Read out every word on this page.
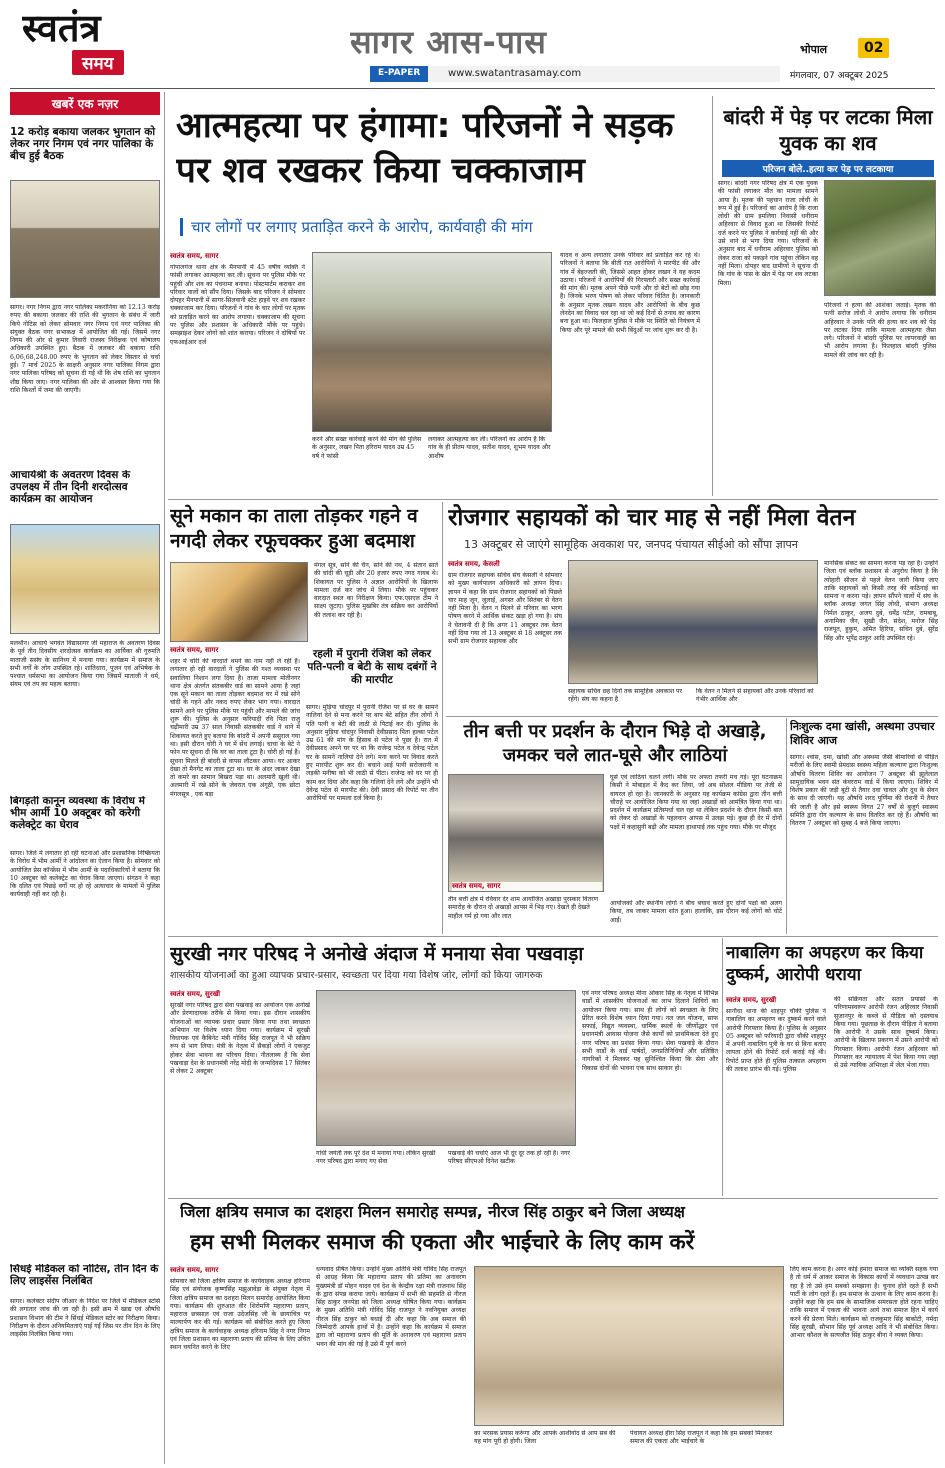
स्वतंत्र
समय
सागर आस-पास
E-PAPER	www.swatantrasamay.com
भोपाल	02
मंगलवार, 07 अक्टूबर 2025
खबरें एक नज़र
12 करोड़ बकाया जलकर भुगतान को लेकर नगर निगम एवं नगर पालिका के बीच हुई बैठक
सागर। नगर निगम द्वारा नगर पालिका मकरोनिया को 12.13 करोड़ रुपए की बकाया जलकर की राशि की भुगतान के संबंध में जारी किये नोटिस को लेकर सोमवार नगर निगम एवं नगर पालिका की संयुक्त बैठक नगर सभाकक्ष में आयोजित की गई। जिसमें नगर निगम की ओर से कुमार तिवारी राजस्व निरीक्षक एवं कोषालय अधिकारी उपस्थित हुए। बैठक में जलकर की बकाया राशि 6,06,68,248.00 रुपए के भुगतान को लेकर विस्तार से चर्चा हुई। 7 मार्च 2025 के साक्षरी अनुसार नगर पालिका निगम द्वारा नगर पालिका परिषद को सूचना दी गई थी कि शेष राशि का भुगतान शीघ्र किया जाए। नगर पालिका की ओर से आश्वस्त किया गया कि राशि किश्तों में जमा की जाएगी।
आचार्यश्री के अवतरण दिवस के उपलक्ष्य में तीन दिनी शरदोत्सव कार्यक्रम का आयोजन
मलथौन। आचार्य भगवंत विद्यासागर जी महाराज के अवतरण दिवस के पूर्व तीन दिवसीय शरदोत्सव कार्यक्रम का आर्यिका श्री गुरुमति माताजी ससंघ के सानिध्य में मनाया गया। कार्यक्रम में समाज के सभी वर्गों के लोग उपस्थित रहे। शांतिधारा, पूजन एवं अभिषेक के पश्चात धर्मसभा का आयोजन किया गया जिसमें माताजी ने धर्म, संयम एवं तप का महत्व बताया।
बिगड़ती कानून व्यवस्था के विरोध में भीम आर्मी 10 अक्टूबर को करेगी कलेक्ट्रेट का घेराव
सागर। जिले में लगातार हो रही घटनाओं और प्रशासनिक निष्क्रियता के विरोध में भीम आर्मी ने आंदोलन का ऐलान किया है। सोमवार को आयोजित प्रेस कॉन्फ्रेंस में भीम आर्मी के पदाधिकारियों ने बताया कि 10 अक्टूबर को कलेक्ट्रेट का घेराव किया जाएगा। संगठन ने कहा कि दलित एवं पिछड़े वर्गों पर हो रहे अत्याचार के मामलों में पुलिस कार्यवाही नहीं कर रही है।
सिंधई मेडिकल को नोटिस, तीन दिन के लिए लाइसेंस निलंबित
सागर। कलेक्टर संदीप जीआर के निर्देश पर जिले में मेडिकल स्टोर्स की लगातार जांच की जा रही है। इसी क्रम में खाद्य एवं औषधि प्रशासन विभाग की टीम ने सिंधई मेडिकल स्टोर का निरीक्षण किया। निरीक्षण के दौरान अनियमितताएं पाई गईं जिस पर तीन दिन के लिए लाइसेंस निलंबित किया गया।
आत्महत्या पर हंगामा: परिजनों ने सड़क पर शव रखकर किया चक्काजाम
चार लोगों पर लगाए प्रताड़ित करने के आरोप, कार्यवाही की मांग
स्वतंत्र समय, सागर
गोपालगंज थाना क्षेत्र के मैनपानी में 45 वर्षीय व्यक्ति ने फांसी लगाकर आत्महत्या कर ली। सूचना पर पुलिस मौके पर पहुंची और शव का पंचनामा बनाया। पोस्टमार्टम कराकर शव परिवार वालों को सौंप दिया। जिसके बाद परिजन ने सोमवार दोपहर मैनपानी में सागर-सिलवानी स्टेट हाइवे पर शव रखकर चक्काजाम कर दिया। परिजनों ने गांव के चार लोगों पर मृतक को प्रताड़ित करने का आरोप लगाया। चक्काजाम की सूचना पर पुलिस और प्रशासन के अधिकारी मौके पर पहुंचे। समझाइश देकर लोगों को शांत कराया। परिजन ने दोषियों पर एफआईआर दर्ज
करने और सख्त कार्रवाई करने की मांग की पुलिस के अनुसार, लखन पिता हरिराम यादव उम्र 45 वर्ष ने फांसी
लगाकर आत्महत्या कर ली। परिजनों का आरोप है कि गांव के ही प्रीतम यादव, सतीश यादव, शुभम यादव और आशीष
यादव व अन्य लगातार उनके परिवार को प्रताड़ित कर रहे थे। परिजनों ने बताया कि बीती रात आरोपियों ने मारपीट की और गांव में बेइज्जती की, जिससे आहत होकर लखन ने यह कदम उठाया। परिजनों ने आरोपियों की गिरफ्तारी और सख्त कार्रवाई की मांग की। मृतक अपने पीछे पत्नी और दो बेटों को छोड़ गया है। जिनके भरण पोषण को लेकर परिवार चिंतित है। जानकारी के अनुसार मृतक लखन यादव और आरोपियों के बीच कुछ लेनदेन का विवाद चल रहा था जो कई दिनों से तनाव का कारण बना हुआ था। फिलहाल पुलिस ने मौके पर स्थिति को नियंत्रण में किया और पूरे मामले की सभी बिंदुओं पर जांच शुरू कर दी है।
बांदरी में पेड़ पर लटका मिला युवक का शव
परिजन बोले..हत्या कर पेड़ पर लटकाया
सागर। बांदरी नगर परिषद क्षेत्र में एक युवक की फांसी लगाकर मौत का मामला सामने आया है। मृतक की पहचान राजा लोधी के रूप में हुई है। परिजनों का आरोप है कि राजा लोधी की ग्राम इमलिया निवासी धनीराम अहिरवार से विवाद हुआ था जिसकी रिपोर्ट दर्ज करने पर पुलिस ने कार्रवाई नहीं की और उसे थाने से भगा दिया गया। परिजनों के अनुसार बाद में धनीराम अहिरवार पुलिस को लेकर राजा को पकड़ने गांव पहुंचा लेकिन वह नहीं मिला। दोपहर बाद ग्रामीणों ने सूचना दी कि गांव के पास के खेत में पेड़ पर शव लटका मिला।
परिजनों ने हत्या की आशंका जताई। मृतक की पत्नी सरोज लोधी ने आरोप लगाया कि धनीराम अहिरवार ने उनके पति की हत्या कर शव को पेड़ पर लटका दिया ताकि मामला आत्महत्या जैसा लगे। परिजनों ने बांदरी पुलिस पर लापरवाही का भी आरोप लगाया है। फिलहाल बांदरी पुलिस मामले की जांच कर रही है।
सूने मकान का ताला तोड़कर गहने व नगदी लेकर रफूचक्कर हुआ बदमाश
मंगल सूत्र, सोने की चैन, सोने की नथ, 4 संतान सातें की चांदी की चूड़ी और 20 हजार रुपए नगद गायब थे। शिकायत पर पुलिस ने अज्ञात आरोपियों के खिलाफ मामला दर्ज कर जांच में लिया। मौके पर पहुंचकर वारदात स्थल का निरीक्षण किया। एफ.एसएल टीम ने साक्ष्य जुटाए। पुलिस मुखबिर तंत्र सक्रिय कर आरोपियों की तलाश कर रही है।
स्वतंत्र समय, सागर
शहर में चोरी की वारदातें थमने का नाम नहीं ले रहीं हैं। लगातार हो रही वारदातों ने पुलिस की गश्त व्यवस्था पर सवालिया निशान लगा दिया है। ताजा मामला मोतीनगर थाना क्षेत्र अंतर्गत संतकबीर वार्ड का सामने आया है जहां एक सूने मकान का ताला तोड़कर बदमाश घर में रखे सोने चांदी के गहने और नकद रुपए लेकर भाग गया। वारदात सामने आने पर पुलिस मौके पर पहुंची और मामले की जांच शुरू की। पुलिस के अनुसार फरियादी रवि पिता राजु चढ़ीमारी उम्र 37 साल निवासी संतकबीर वार्ड ने थाने में शिकायत करते हुए बताया कि बांदरी में अपनी ससुराल गया था। इसी दौरान चोरी ने घर में सेंध लगाई। चाचा के बेटे ने फोन पर सूचना दी कि घर का ताला टूटा है। चोरी हो गई है। सूचना मिलते ही बांदरी से वापस लौटकर आया। घर आकर देखा तो मैनगेट का ताला टूटा था। घर के अंदर जाकर देखा तो कमरे का सामान बिखरा पड़ा था। अलमारी खुली थी। अलमारी में रखे सोने के जेवरात एक अंगूठी, एक छोटा मंगलसूत्र , एक बड़ा
रहली में पुरानी रंजिश को लेकर पति-पत्नी व बेटी के साथ दबंगों ने की मारपीट
सागर। मुड़िया चांदपुर में पुरानी रंजिश पर से घर के सामने नालियां देने से मना करने पर बाप बेटे सहित तीन लोगों ने पति पत्नी व बेटी की लाठी से पिटाई कर दी। पुलिस के अनुसार मुड़िया चांदपुर निवासी देवीप्रसाद पिता हल्का पटेल उम्र 61 की मांग के हिसाब से पटेल ने पूछा है। रात में देवीप्रसाद अपने घर पर था कि राजेन्द्र पटेल व देवेन्द्र पटेल घर के सामने नालियां देने लगे। मना करने पर विवाद करते हुए मारपीट शुरू कर दी। बचाने आई पत्नी सरोजरानी व लड़की मनीषा को भी लाठी से पीटा। राजेन्द्र को घर पर ही काम कर दिया और कहा कि गलियां देने लगे और उन्होंने भी देवेन्द्र पटेल से मारपीट की। देवी प्रसाद की रिपोर्ट पर तीन आरोपियों पर मामला दर्ज किया है।
रोजगार सहायकों को चार माह से नहीं मिला वेतन
13 अक्टूबर से जाएंगे सामूहिक अवकाश पर, जनपद पंचायत सीईओ को सौंपा ज्ञापन
स्वतंत्र समय, केसली
ग्राम रोजगार सहायक सचिव संघ केसली ने सोमवार को मुख्य कार्यपालन अधिकारी को ज्ञापन दिया। ज्ञापन में कहा कि ग्राम रोजगार सहायकों को पिछले चार माह जून, जुलाई, अगस्त और सितंबर से वेतन नहीं मिला है। वेतन न मिलने से परिवार का भरण पोषण करने में आर्थिक संकट खड़ा हो गया है। संघ ने चेतावनी दी है कि अगर 11 अक्टूबर तक वेतन नहीं दिया गया तो 13 अक्टूबर से 18 अक्टूबर तक सभी ग्राम रोजगार सहायक और
सहायक सचिव छह दिनों तक सामूहिक अवकाश पर रहेंगे। संघ का कहना है
कि वेतन न मिलने से सहायकों और उनके परिवारों को गंभीर आर्थिक और
मानसिक संकट का सामना करना पड़ रहा है। उन्होंने जिला एवं ब्लॉक प्रशासन से अनुरोध किया है कि त्योहारी सीजन से पहले वेतन जारी किया जाए ताकि सहायकों को किसी तरह की कठिनाई का सामना न करना पड़े। ज्ञापन सौंपने वालों में संघ के ब्लॉक अध्यक्ष जगत सिंह लोधी, संभाग अध्यक्ष निर्मल ठाकुर, अजय दुबे, धर्मेंद्र पटेल, रामबाबू, अनामिका जैन, सुखी जैन, संदेश, मनोज सिंह राजपूत, हुकुम, अमित हिरिया, सचिन दुबे, सुरेंद्र सिंह और भूपेंद्र ठाकुर आदि उपस्थित रहे।
तीन बत्ती पर प्रदर्शन के दौरान भिड़े दो अखाड़े, जमकर चले लात-घूसे और लाठियां
स्वतंत्र समय, सागर
तीन बत्ती क्षेत्र में रविवार देर शाम आयोजित अखाड़ा पुरस्कार वितरण समारोह के दौरान दो अखाड़ों आपस में भिड़ गए। देखते ही देखते माहौल गर्म हो गया और लात
घूसे एवं लाठियां चलने लगीं। मौके पर अफरा तफरी मच गई। पूरा घटनाक्रम किसी ने मोबाइल में कैद कर लिया, जो अब सोशल मीडिया पर तेजी से वायरल हो रहा है। जानकारी के अनुसार यह कार्यक्रम कांग्रेस द्वारा तीन बत्ती चौराहे पर आयोजित किया गया था जहां अखाड़ों को आमंत्रित किया गया था। प्रदर्शन में कार्यक्रम प्रतिस्पर्धा चल रहा था लेकिन प्रदर्शन के दौरान किसी बात को लेकर दो अखाड़ों के पहलवान आपस में उलझ पड़े। कुछ ही देर में दोनों पक्षों में कहासुनी बढ़ी और मामला हाथापाई तक पहुंच गया। मौके पर मौजूद
आयोजकों और स्थानीय लोगों ने बीच बचाव करते हुए दोनों पक्षों को अलग किया, तब जाकर मामला शांत हुआ। हालांकि, इस दौरान कई लोगों को चोटें आईं।
निःशुल्क दमा खांसी, अस्थमा उपचार शिविर आज
सागर। श्वांस, दमा, खांसी और अस्थमा जैसी बीमारियों से पीड़ित मरीजों के लिए स्वामी प्रेमदास स्वस्थ्य महिला कल्याण द्वारा निःशुल्क औषधि वितरण शिविर का आयोजन 7 अक्टूबर श्री झूलेलाल सामुदायिक भवन संत कंवरराम वार्ड में किया जाएगा। शिविर में विशेष प्रकार की जड़ी बूटी से तैयार दवा चावल और दूध के सेवन के साथ दी जाएगी। यह औषधि शरद पूर्णिमा की रोशनी में तैयार की जाती है और इसे स्वस्थ्य विगत 27 वर्षों से बुजुर्ग स्वास्थ्य समिति द्वारा रोग कल्याण के साथ वितरित कर रहे हैं। औषधि का वितरण 7 अक्टूबर को सुबह 4 बजे किया जाएगा।
सुरखी नगर परिषद ने अनोखे अंदाज में मनाया सेवा पखवाड़ा
शासकीय योजनाओं का हुआ व्यापक प्रचार-प्रसार, स्वच्छता पर दिया गया विशेष जोर, लोगों को किया जागरुक
स्वतंत्र समय, सुरखी
सुरखी नगर परिषद द्वारा सेवा पखवाड़े का आयोजन एक अनोखे और प्रेरणादायक तरीके से किया गया। इस दौरान शासकीय योजनाओं का व्यापक प्रचार प्रसार किया गया तथा स्वच्छता अभियान पर विशेष ध्यान दिया गया। कार्यक्रम में सुरखी विधायक एवं कैबिनेट मंत्री गोविंद सिंह राजपूत ने भी सक्रिय रूप से भाग लिया। मंत्री के नेतृत्व में सैकड़ों लोगों ने एकजुट होकर सेवा भावना का परिचय दिया। नीतलाब्य है कि सेवा पखवाड़ा देश के प्रधानमंत्री नरेंद्र मोदी के जन्मदिवस 17 सितंबर से लेकर 2 अक्टूबर
गांधी जयंती तक पूरे देश में मनाया गया। लेकिन सुरखी नगर परिषद द्वारा मनाए गए सेवा
पखवाड़े की चर्चाएं आज भी दूर दूर तक हो रही है। नगर परिषद सीएमओ दिनेश खटीक
एवं नगर परिषद अध्यक्ष मीना ओंकार सिंह के नेतृत्व में विभिन्न वार्डों में शासकीय योजनाओं का लाभ दिलाने शिविरों का आयोजन किया गया। साथ ही लोगों को स्वच्छता के लिए प्रेरित करने विशेष ध्यान दिया गया। नल जल योजना, साफ सफाई, विद्युत व्यवस्था, धार्मिक स्थलों के जीर्णोद्धार एवं प्रधानमंत्री आवास योजना जैसे कार्यों को प्राथमिकता देते हुए नगर परिषद का प्रशंसा किया गया। सेवा पखवाड़े के दौरान सभी वार्डों के वार्ड पार्षदों, जनप्रतिनिधियों और प्रतिष्ठित नागरिकों ने मिलकर यह सुनिश्चित किया कि सेवा और विकास दोनों की भावना एक साथ साकार हो।
नाबालिग का अपहरण कर किया दुष्कर्म, आरोपी धराया
स्वतंत्र समय, सुरखी
सानौधा थाना की शाहपुर चौकी पुलिस ने नाबालिग का अपहरण कर दुष्कर्म करने वाले आरोपी गिरफ्तार किया है। पुलिस के अनुसार 05 अक्टूबर को फरियादी द्वारा चौकी शाहपुर में अपनी नाबालिग पुत्री के घर से बिना बताए लापता होने की रिपोर्ट दर्ज कराई गई थी। रिपोर्ट प्राप्त होते ही पुलिस तत्काल अपहरण की तलाश प्रारंभ की गई। पुलिस
की सक्रियता और सतत प्रयासों के परिणामस्वरूप आरोपी रंजन अहिरवार निवासी सुजानपुर के कब्जे से पीड़िता को दस्तयाब किया गया। पूछताछ के दौरान पीड़िता ने बताया कि आरोपी ने उसके साथ दुष्कर्म किया। आरोपी के खिलाफ प्रकरण में उसने आरोपी को गिरफ्तार किया। आरोपी रंजन अहिरवार को गिरफ्तार कर न्यायालय में पेश किया गया जहां से उसे न्यायिक अभिरक्षा में जेल भेजा गया।
जिला क्षत्रिय समाज का दशहरा मिलन समारोह सम्पन्न, नीरज सिंह ठाकुर बने जिला अध्यक्ष
हम सभी मिलकर समाज की एकता और भाईचारे के लिए काम करें
स्वतंत्र समय, सागर
सोमवार को जिला क्षत्रिय समाज के कार्यवाहक अध्यक्ष हरिनाम सिंह एवं संयोजक कृष्णसिंह मझुआवेड़ा के संयुक्त नेतृत्व में जिला क्षत्रिय समाज का दशहरा मिलन समारोह आयोजित किया गया। कार्यक्रम की शुरुआत वीर शिरोमणि महाराणा प्रताप, महाराज छत्रसाल एवं राजा उदेजसिंह जी के छायाचित्र पर माल्यार्पण कर की गई। कार्यक्रम को संबोधित करते हुए जिला क्षत्रिय समाज के कार्यवाहक अध्यक्ष हरिनाम सिंह ने नगर निगम एवं जिला प्रशासन का महाराणा प्रताप की प्रतिमा के लिए उचित स्थान चयनित करने के लिए
धन्यवाद प्रेषित किया। उन्होंने मुख्य अतिथि मंत्री गोविंद सिंह राजपूत से आग्रह किया कि महाराणा प्रताप की प्रतिमा का अनावरण मुख्यमंत्री डॉ मोहन यादव एवं देश के केन्द्रीय रक्षा मंत्री राजनाथ सिंह के द्वारा संपन्न कराया जाये। कार्यक्रम में सभी की सहमति से नीरज सिंह ठाकुर जनपेड़ा को जिला अध्यक्ष घोषित किया गया। कार्यक्रम के मुख्य अतिथि मंत्री गोविंद सिंह राजपूत ने नवनियुक्त अध्यक्ष नीरज सिंह ठाकुर को बधाई दी और कहा कि अब समाज की जिम्मेदारी आपके हाथों में है। उन्होंने कहा कि कार्यक्रम में समाज द्वारा जो महाराणा प्रताप की मूर्ति के अनावरण एवं महाराणा प्रताप भवन की मांग की गई है उसे मैं पूर्ण करने
का भरसक प्रयास करूंगा और आपके आशीर्वाद से आप सब की यह मांग पूरी हो होगी। जिला
पंचायत अध्यक्ष हीरा सिंह राजपूत ने कहा कि हम सबको मिलकर समाज की एकता और भाईचारे के
लिए काम करना है। अगर कोई हमारा समाज का व्यक्ति सहक गया है तो धर्म में आकर समाज के विकास कार्यों में व्यवधान उत्पन्न कर रहा है तो उसे हम सबको समझाना है। चुनाव होते रहते हैं सभी पार्टी के लोग रहते हैं। हम समाज के उत्थान के लिए काम करना है। उन्होंने कहा कि हम सब के सामाजिक समरसता होते रहना चाहिए ताकि समाज में एकता की भावना आये तथा समाज हित में कार्य करने की प्रेरणा मिले। कार्यक्रम को राजकुमार सिंह बाकोटी, नर्मदा सिंह सुरखी, सौभान सिंह पूर्व अध्यक्ष आदि ने भी संबोधित किया। आभार कौशल के सत्यजीत सिंह ठाकुर बीना ने व्यक्त किया।
